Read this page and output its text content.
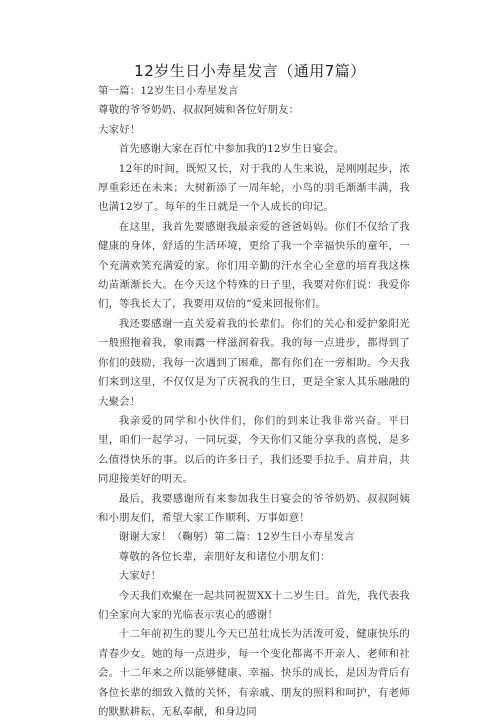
12岁生日小寿星发言（通用7篇）

第一篇：12岁生日小寿星发言

尊敬的爷爷奶奶、叔叔阿姨和各位好朋友：

大家好！

首先感谢大家在百忙中参加我的12岁生日宴会。

12年的时间，既短又长，对于我的人生来说，是刚刚起步，浓厚重彩还在未来；大树新添了一周年轮，小鸟的羽毛渐渐丰满，我也满12岁了。每年的生日就是一个人成长的印记。

在这里，我首先要感谢我最亲爱的爸爸妈妈。你们不仅给了我健康的身体，舒适的生活环境，更给了我一个幸福快乐的童年，一个充满欢笑充满爱的家。你们用辛勤的汗水全心全意的培育我这株幼苗渐渐长大。在今天这个特殊的日子里，我要对你们说：我爱你们，等我长大了，我要用双倍的“爱来回报你们。

我还要感谢一直关爱着我的长辈们。你们的关心和爱护象阳光一般照拖着我，象雨露一样滋润着我。我的每一点进步，都得到了你们的鼓励，我每一次遇到了困难，都有你们在一旁相助。今天我们来到这里，不仅仅是为了庆祝我的生日，更是全家人其乐融融的大聚会！

我亲爱的同学和小伙伴们，你们的到来让我非常兴奋。平日里，咱们一起学习、一同玩耍，今天你们又能分享我的喜悦，是多么值得快乐的事。以后的许多日子，我们还要手拉手、肩并肩，共同迎接美好的明天。

最后，我要感谢所有来参加我生日宴会的爷爷奶奶、叔叔阿姨和小朋友们，希望大家工作顺利、万事如意！

谢谢大家！（鞠躬）第二篇：12岁生日小寿星发言

尊敬的各位长辈，亲朋好友和诸位小朋友们：

大家好！

今天我们欢聚在一起共同祝贺XX十二岁生日。首先，我代表我们全家向大家的光临表示衷心的感谢！

十二年前初生的婴儿今天已茁壮成长为活泼可爱，健康快乐的青春少女。她的每一点进步，每一个变化都离不开亲人、老师和社会。十二年来之所以能够健康、幸福、快乐的成长，是因为背后有各位长辈的细致入微的关怀，有亲戚、朋友的照料和呵护，有老师的默默耕耘、无私奉献，和身边同
